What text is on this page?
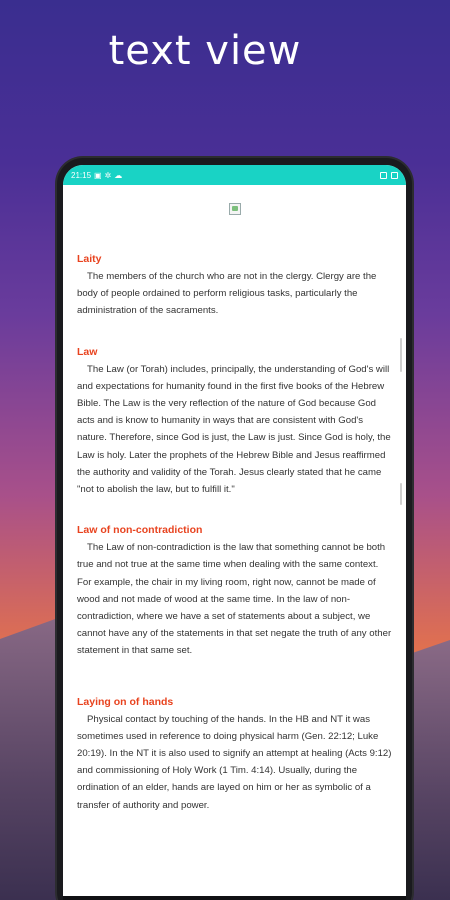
text view
21:15 ▣ ✲ ☁
Laity
The members of the church who are not in the clergy. Clergy are the body of people ordained to perform religious tasks, particularly the administration of the sacraments.
Law
The Law (or Torah) includes, principally, the understanding of God's will and expectations for humanity found in the first five books of the Hebrew Bible. The Law is the very reflection of the nature of God because God acts and is know to humanity in ways that are consistent with God's nature. Therefore, since God is just, the Law is just. Since God is holy, the Law is holy. Later the prophets of the Hebrew Bible and Jesus reaffirmed the authority and validity of the Torah. Jesus clearly stated that he came "not to abolish the law, but to fulfill it."
Law of non-contradiction
The Law of non-contradiction is the law that something cannot be both true and not true at the same time when dealing with the same context. For example, the chair in my living room, right now, cannot be made of wood and not made of wood at the same time. In the law of non-contradiction, where we have a set of statements about a subject, we cannot have any of the statements in that set negate the truth of any other statement in that same set.
Laying on of hands
Physical contact by touching of the hands. In the HB and NT it was sometimes used in reference to doing physical harm (Gen. 22:12; Luke 20:19). In the NT it is also used to signify an attempt at healing (Acts 9:12) and commissioning of Holy Work (1 Tim. 4:14). Usually, during the ordination of an elder, hands are layed on him or her as symbolic of a transfer of authority and power.
